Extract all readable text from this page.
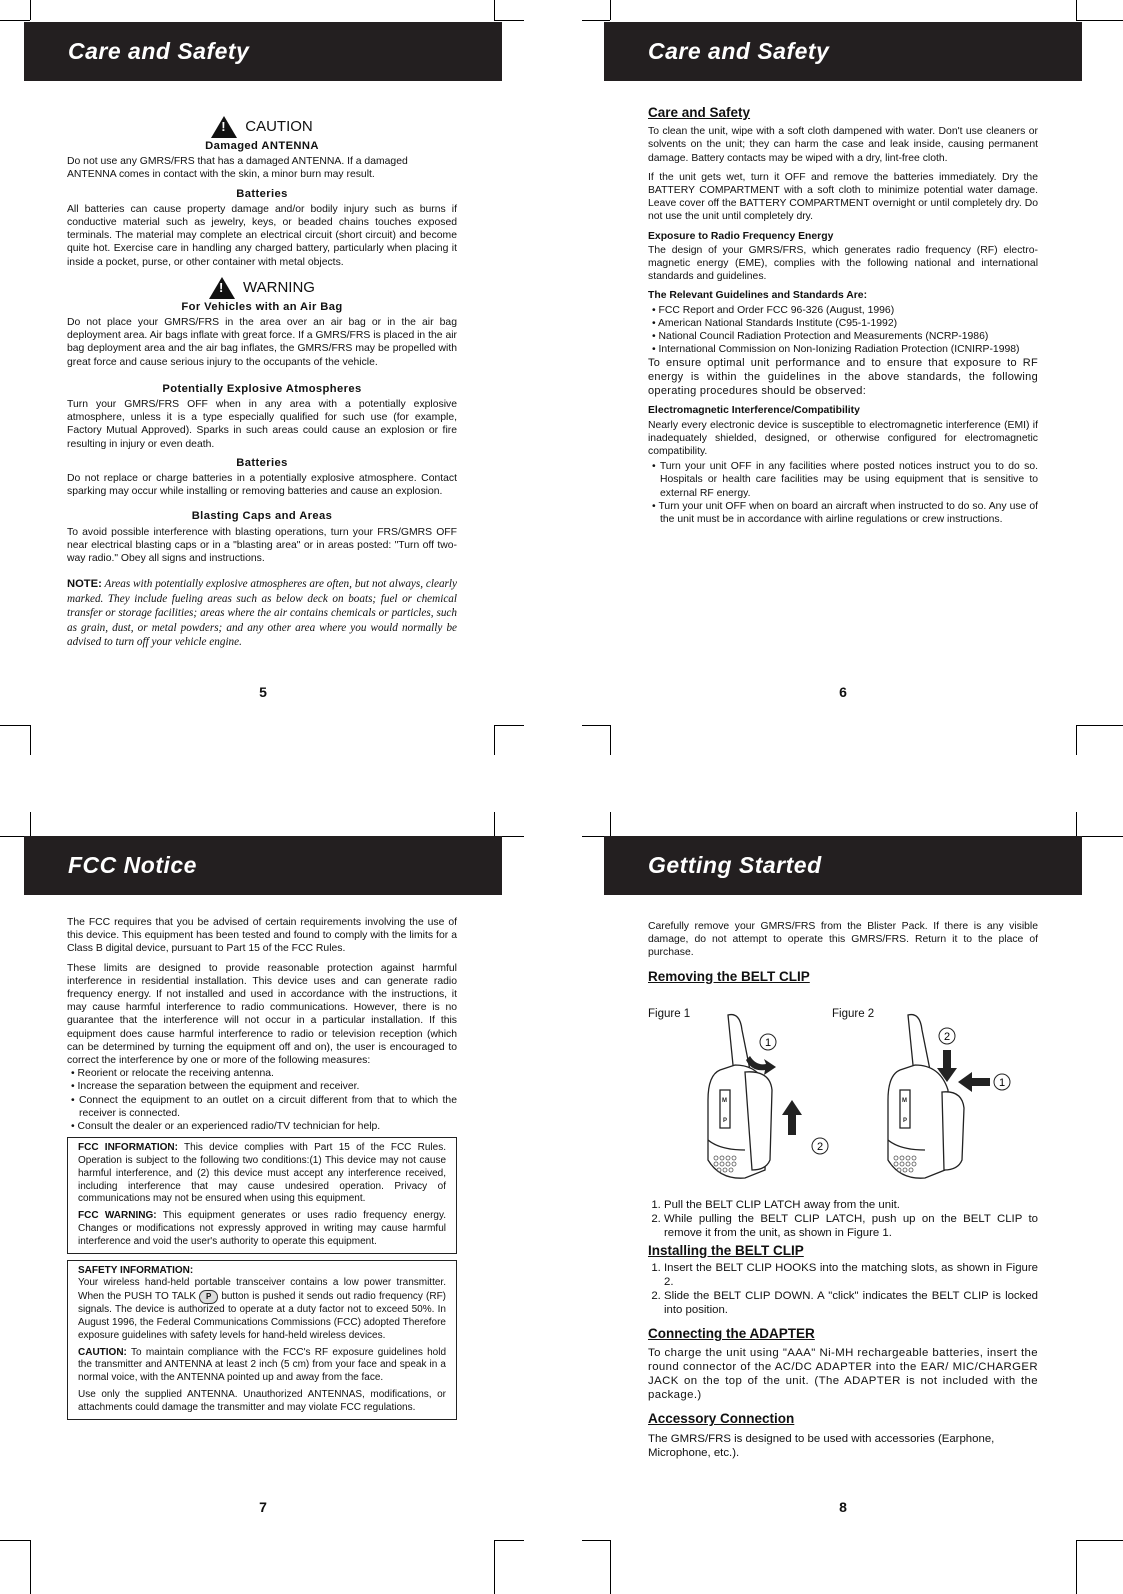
Care and Safety
! CAUTION
Damaged ANTENNA

Do not use any GMRS/FRS that has a damaged ANTENNA. If a damaged ANTENNA comes in contact with the skin, a minor burn may result.

Batteries

All batteries can cause property damage and/or bodily injury such as burns if conductive material such as jewelry, keys, or beaded chains touches exposed terminals. The material may complete an electrical circuit (short circuit) and become quite hot. Exercise care in handling any charged battery, particularly when placing it inside a pocket, purse, or other container with metal objects.

! WARNING
For Vehicles with an Air Bag

Do not place your GMRS/FRS in the area over an air bag or in the air bag deployment area. Air bags inflate with great force. If a GMRS/FRS is placed in the air bag deployment area and the air bag inflates, the GMRS/FRS may be propelled with great force and cause serious injury to the occupants of the vehicle.

Potentially Explosive Atmospheres

Turn your GMRS/FRS OFF when in any area with a potentially explosive atmosphere, unless it is a type especially qualified for such use (for example, Factory Mutual Approved). Sparks in such areas could cause an explosion or fire resulting in injury or even death.

Batteries

Do not replace or charge batteries in a potentially explosive atmosphere. Contact sparking may occur while installing or removing batteries and cause an explosion.

Blasting Caps and Areas

To avoid possible interference with blasting operations, turn your FRS/GMRS OFF near electrical blasting caps or in a "blasting area" or in areas posted: "Turn off two-way radio." Obey all signs and instructions.

NOTE: Areas with potentially explosive atmospheres are often, but not always, clearly marked. They include fueling areas such as below deck on boats; fuel or chemical transfer or storage facilities; areas where the air contains chemicals or particles, such as grain, dust, or metal powders; and any other area where you would normally be advised to turn off your vehicle engine.

5
Care and Safety
Care and Safety

To clean the unit, wipe with a soft cloth dampened with water. Don't use cleaners or solvents on the unit; they can harm the case and leak inside, causing permanent damage. Battery contacts may be wiped with a dry, lint-free cloth.

If the unit gets wet, turn it OFF and remove the batteries immediately. Dry the BATTERY COMPARTMENT with a soft cloth to minimize potential water damage. Leave cover off the BATTERY COMPARTMENT overnight or until completely dry. Do not use the unit until completely dry.

Exposure to Radio Frequency Energy

The design of your GMRS/FRS, which generates radio frequency (RF) electro-magnetic energy (EME), complies with the following national and international standards and guidelines.

The Relevant Guidelines and Standards Are:
• FCC Report and Order FCC 96-326 (August, 1996)
• American National Standards Institute (C95-1-1992)
• National Council Radiation Protection and Measurements (NCRP-1986)
• International Commission on Non-Ionizing Radiation Protection (ICNIRP-1998)

To ensure optimal unit performance and to ensure that exposure to RF energy is within the guidelines in the above standards, the following operating procedures should be observed:

Electromagnetic Interference/Compatibility

Nearly every electronic device is susceptible to electromagnetic interference (EMI) if inadequately shielded, designed, or otherwise configured for electromagnetic compatibility.

• Turn your unit OFF in any facilities where posted notices instruct you to do so. Hospitals or health care facilities may be using equipment that is sensitive to external RF energy.
• Turn your unit OFF when on board an aircraft when instructed to do so. Any use of the unit must be in accordance with airline regulations or crew instructions.
6
FCC Notice

The FCC requires that you be advised of certain requirements involving the use of this device. This equipment has been tested and found to comply with the limits for a Class B digital device, pursuant to Part 15 of the FCC Rules.

These limits are designed to provide reasonable protection against harmful interference in residential installation. This device uses and can generate radio frequency energy. If not installed and used in accordance with the instructions, it may cause harmful interference to radio communications. However, there is no guarantee that the interference will not occur in a particular installation. If this equipment does cause harmful interference to radio or television reception (which can be determined by turning the equipment off and on), the user is encouraged to correct the interference by one or more of the following measures:

• Reorient or relocate the receiving antenna.
• Increase the separation between the equipment and receiver.
• Connect the equipment to an outlet on a circuit different from that to which the receiver is connected.
• Consult the dealer or an experienced radio/TV technician for help.

FCC INFORMATION: This device complies with Part 15 of the FCC Rules. Operation is subject to the following two conditions:(1) This device may not cause harmful interference, and (2) this device must accept any interference received, including interference that may cause undesired operation. Privacy of communications may not be ensured when using this equipment.

FCC WARNING: This equipment generates or uses radio frequency energy. Changes or modifications not expressly approved in writing may cause harmful interference and void the user's authority to operate this equipment.

SAFETY INFORMATION:

Your wireless hand-held portable transceiver contains a low power transmitter. When the PUSH TO TALK P button is pushed it sends out radio frequency (RF) signals. The device is authorized to operate at a duty factor not to exceed 50%. In August 1996, the Federal Communications Commissions (FCC) adopted Therefore exposure guidelines with safety levels for hand-held wireless devices.

CAUTION: To maintain compliance with the FCC's RF exposure guidelines hold the transmitter and ANTENNA at least 2 inch (5 cm) from your face and speak in a normal voice, with the ANTENNA pointed up and away from the face.

Use only the supplied ANTENNA. Unauthorized ANTENNAS, modifications, or attachments could damage the transmitter and may violate FCC regulations.

7
Getting Started

Carefully remove your GMRS/FRS from the Blister Pack. If there is any visible damage, do not attempt to operate this GMRS/FRS. Return it to the place of purchase.

Removing the BELT CLIP
Figure 1	Figure 2
M
P
1
2
M
P
2
1
1. Pull the BELT CLIP LATCH away from the unit.
2. While pulling the BELT CLIP LATCH, push up on the BELT CLIP to remove it from the unit, as shown in Figure 1.
Installing the BELT CLIP
1. Insert the BELT CLIP HOOKS into the matching slots, as shown in Figure 2.
2. Slide the BELT CLIP DOWN. A "click" indicates the BELT CLIP is locked into position.
Connecting the ADAPTER

To charge the unit using "AAA" Ni-MH rechargeable batteries, insert the round connector of the AC/DC ADAPTER into the EAR/ MIC/CHARGER JACK on the top of the unit. (The ADAPTER is not included with the package.)

Accessory Connection

The GMRS/FRS is designed to be used with accessories (Earphone, Microphone, etc.).

8
